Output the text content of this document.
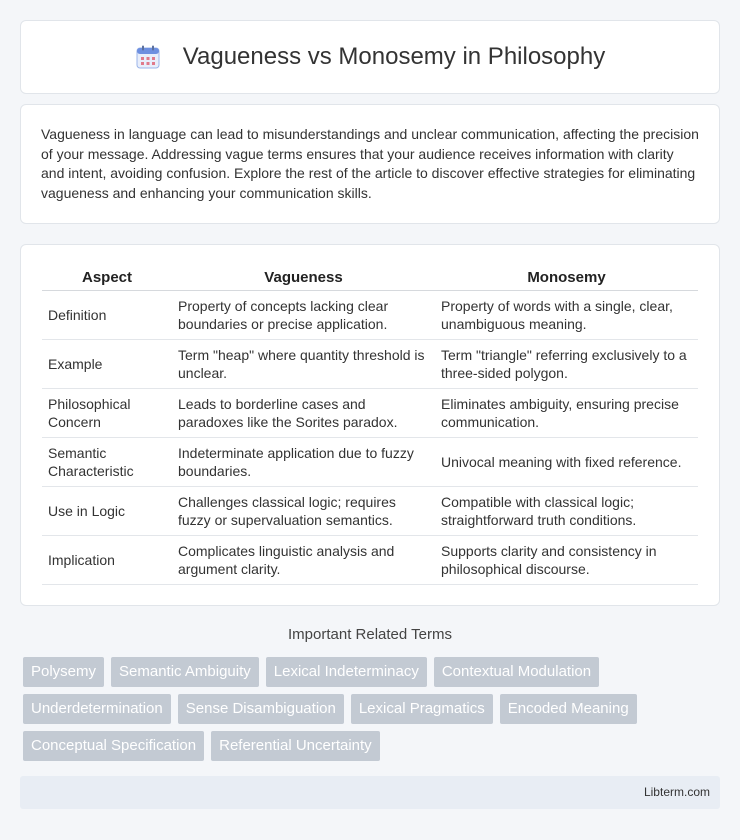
Vagueness vs Monosemy in Philosophy

Vagueness in language can lead to misunderstandings and unclear communication, affecting the precision of your message. Addressing vague terms ensures that your audience receives information with clarity and intent, avoiding confusion. Explore the rest of the article to discover effective strategies for eliminating vagueness and enhancing your communication skills.

Aspect	Vagueness	Monosemy
Definition	Property of concepts lacking clear boundaries or precise application.	Property of words with a single, clear, unambiguous meaning.
Example	Term "heap" where quantity threshold is unclear.	Term "triangle" referring exclusively to a three-sided polygon.
Philosophical Concern	Leads to borderline cases and paradoxes like the Sorites paradox.	Eliminates ambiguity, ensuring precise communication.
Semantic Characteristic	Indeterminate application due to fuzzy boundaries.	Univocal meaning with fixed reference.
Use in Logic	Challenges classical logic; requires fuzzy or supervaluation semantics.	Compatible with classical logic; straightforward truth conditions.
Implication	Complicates linguistic analysis and argument clarity.	Supports clarity and consistency in philosophical discourse.
Important Related Terms
Polysemy	Semantic Ambiguity	Lexical Indeterminacy	Contextual Modulation
Underdetermination	Sense Disambiguation	Lexical Pragmatics	Encoded Meaning
Conceptual Specification	Referential Uncertainty
Libterm.com
